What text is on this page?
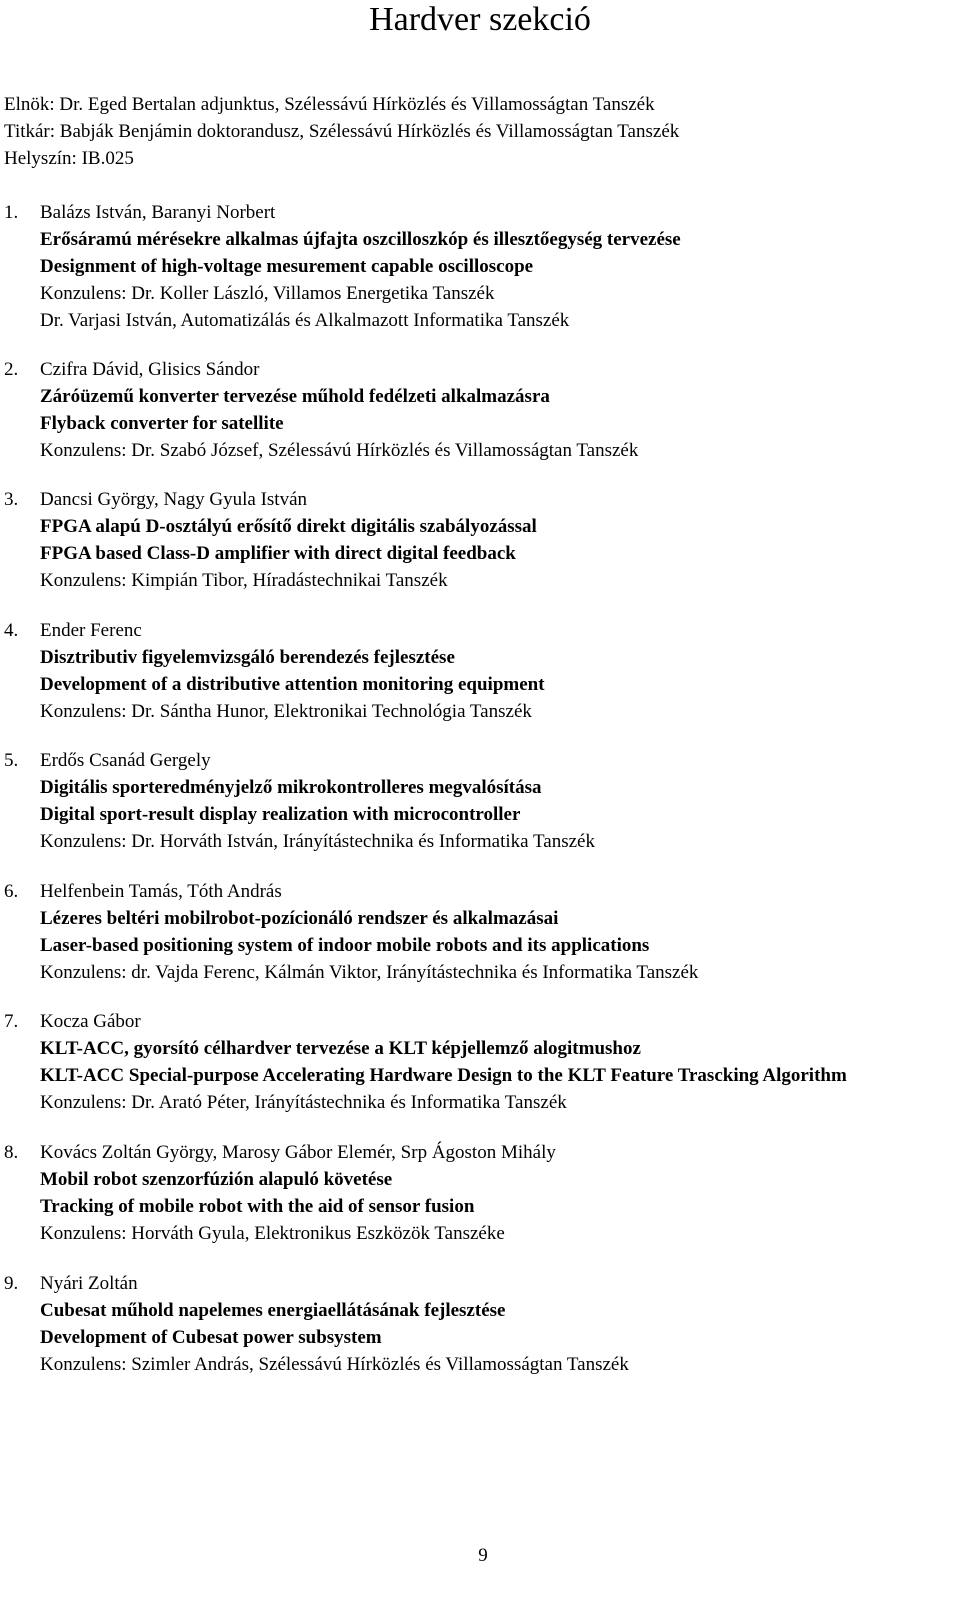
Hardver szekció
Elnök: Dr. Eged Bertalan adjunktus, Szélessávú Hírközlés és Villamosságtan Tanszék
Titkár: Babják Benjámin doktorandusz, Szélessávú Hírközlés és Villamosságtan Tanszék
Helyszín: IB.025
1.	Balázs István, Baranyi Norbert
Erősáramú mérésekre alkalmas újfajta oszcilloszkóp és illesztőegység tervezése
Designment of high-voltage mesurement capable oscilloscope
Konzulens: Dr. Koller László, Villamos Energetika Tanszék
Dr. Varjasi István, Automatizálás és Alkalmazott Informatika Tanszék
2.	Czifra Dávid, Glisics Sándor
Záróüzemű konverter tervezése műhold fedélzeti alkalmazásra
Flyback converter for satellite
Konzulens: Dr. Szabó József, Szélessávú Hírközlés és Villamosságtan Tanszék
3.	Dancsi György, Nagy Gyula István
FPGA alapú D-osztályú erősítő direkt digitális szabályozással
FPGA based Class-D amplifier with direct digital feedback
Konzulens: Kimpián Tibor, Híradástechnikai Tanszék
4.	Ender Ferenc
Disztributiv figyelemvizsgáló berendezés fejlesztése
Development of a distributive attention monitoring equipment
Konzulens: Dr. Sántha Hunor, Elektronikai Technológia Tanszék
5.	Erdős Csanád Gergely
Digitális sporteredményjelző mikrokontrolleres megvalósítása
Digital sport-result display realization with microcontroller
Konzulens: Dr. Horváth István, Irányítástechnika és Informatika Tanszék
6.	Helfenbein Tamás, Tóth András
Lézeres beltéri mobilrobot-pozícionáló rendszer és alkalmazásai
Laser-based positioning system of indoor mobile robots and its applications
Konzulens: dr. Vajda Ferenc, Kálmán Viktor, Irányítástechnika és Informatika Tanszék
7.	Kocza Gábor
KLT-ACC, gyorsító célhardver tervezése a KLT képjellemző alogitmushoz
KLT-ACC Special-purpose Accelerating Hardware Design to the KLT Feature Trascking Algorithm
Konzulens: Dr. Arató Péter, Irányítástechnika és Informatika Tanszék
8.	Kovács Zoltán György, Marosy Gábor Elemér, Srp Ágoston Mihály
Mobil robot szenzorfúzión alapuló követése
Tracking of mobile robot with the aid of sensor fusion
Konzulens: Horváth Gyula, Elektronikus Eszközök Tanszéke
9.	Nyári Zoltán
Cubesat műhold napelemes energiaellátásának fejlesztése
Development of Cubesat power subsystem
Konzulens: Szimler András, Szélessávú Hírközlés és Villamosságtan Tanszék
9
